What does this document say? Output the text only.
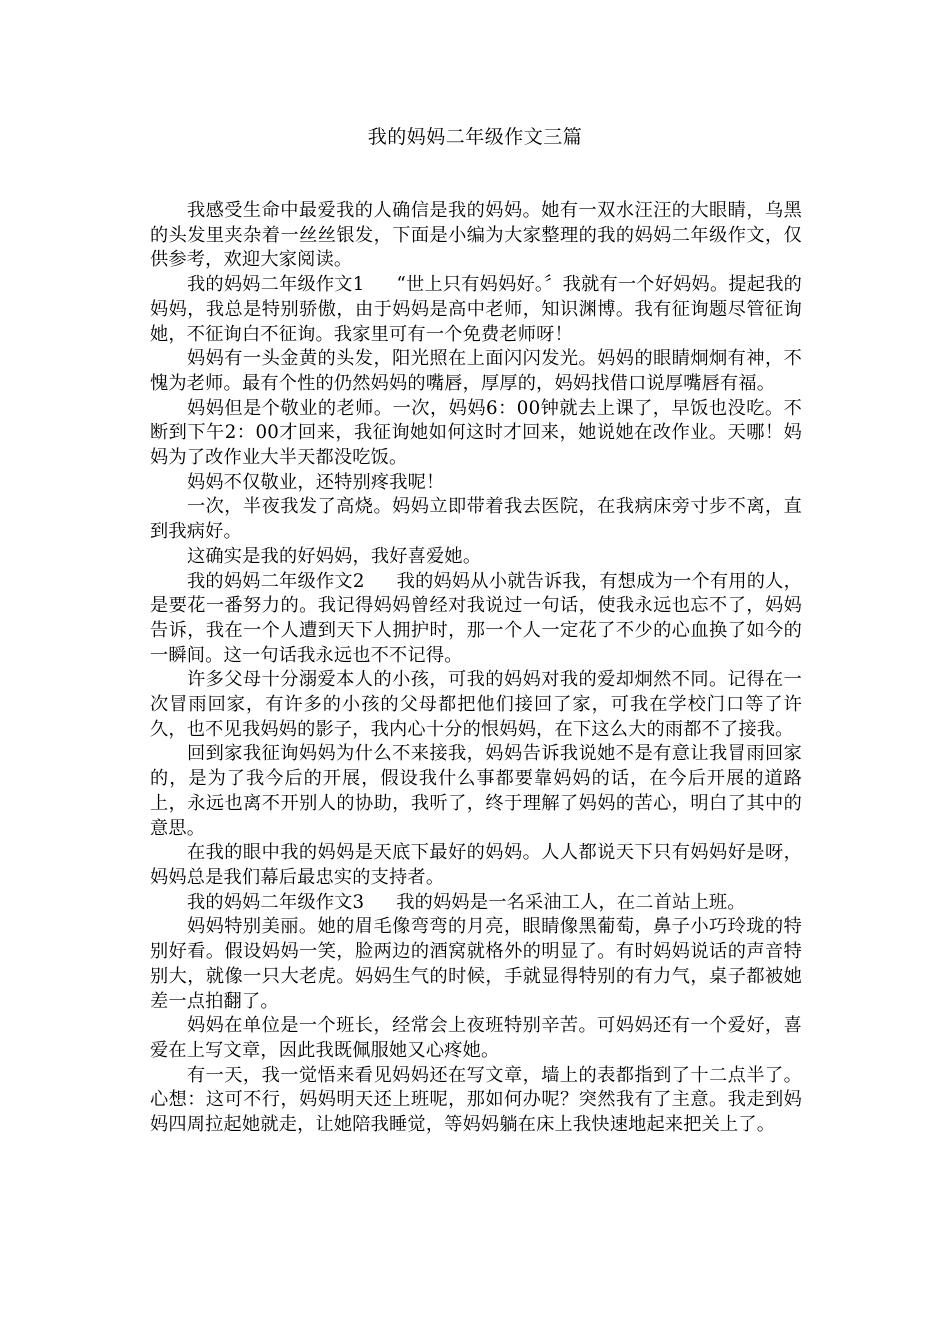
我的妈妈二年级作文三篇

我感受生命中最爱我的人确信是我的妈妈。她有一双水汪汪的大眼睛，乌黑的头发里夹杂着一丝丝银发，下面是小编为大家整理的我的妈妈二年级作文，仅供参考，欢迎大家阅读。

我的妈妈二年级作文1 “世上只有妈妈好。〞我就有一个好妈妈。提起我的妈妈，我总是特别骄傲，由于妈妈是高中老师，知识渊博。我有征询题尽管征询她，不征询白不征询。我家里可有一个免费老师呀！

妈妈有一头金黄的头发，阳光照在上面闪闪发光。妈妈的眼睛炯炯有神，不愧为老师。最有个性的仍然妈妈的嘴唇，厚厚的，妈妈找借口说厚嘴唇有福。

妈妈但是个敬业的老师。一次，妈妈6：00钟就去上课了，早饭也没吃。不断到下午2：00才回来，我征询她如何这时才回来，她说她在改作业。天哪！妈妈为了改作业大半天都没吃饭。

妈妈不仅敬业，还特别疼我呢！

一次，半夜我发了高烧。妈妈立即带着我去医院，在我病床旁寸步不离，直到我病好。

这确实是我的好妈妈，我好喜爱她。

我的妈妈二年级作文2 我的妈妈从小就告诉我，有想成为一个有用的人，是要花一番努力的。我记得妈妈曾经对我说过一句话，使我永远也忘不了，妈妈告诉，我在一个人遭到天下人拥护时，那一个人一定花了不少的心血换了如今的一瞬间。这一句话我永远也不不记得。

许多父母十分溺爱本人的小孩，可我的妈妈对我的爱却炯然不同。记得在一次冒雨回家，有许多的小孩的父母都把他们接回了家，可我在学校门口等了许久，也不见我妈妈的影子，我内心十分的恨妈妈，在下这么大的雨都不了接我。

回到家我征询妈妈为什么不来接我，妈妈告诉我说她不是有意让我冒雨回家的，是为了我今后的开展，假设我什么事都要靠妈妈的话，在今后开展的道路上，永远也离不开别人的协助，我听了，终于理解了妈妈的苦心，明白了其中的意思。

在我的眼中我的妈妈是天底下最好的妈妈。人人都说天下只有妈妈好是呀，妈妈总是我们幕后最忠实的支持者。

我的妈妈二年级作文3 我的妈妈是一名采油工人，在二首站上班。

妈妈特别美丽。她的眉毛像弯弯的月亮，眼睛像黑葡萄，鼻子小巧玲珑的特别好看。假设妈妈一笑，脸两边的酒窝就格外的明显了。有时妈妈说话的声音特别大，就像一只大老虎。妈妈生气的时候，手就显得特别的有力气，桌子都被她差一点拍翻了。

妈妈在单位是一个班长，经常会上夜班特别辛苦。可妈妈还有一个爱好，喜爱在上写文章，因此我既佩服她又心疼她。

有一天，我一觉悟来看见妈妈还在写文章，墙上的表都指到了十二点半了。心想：这可不行，妈妈明天还上班呢，那如何办呢？突然我有了主意。我走到妈妈四周拉起她就走，让她陪我睡觉，等妈妈躺在床上我快速地起来把关上了。
